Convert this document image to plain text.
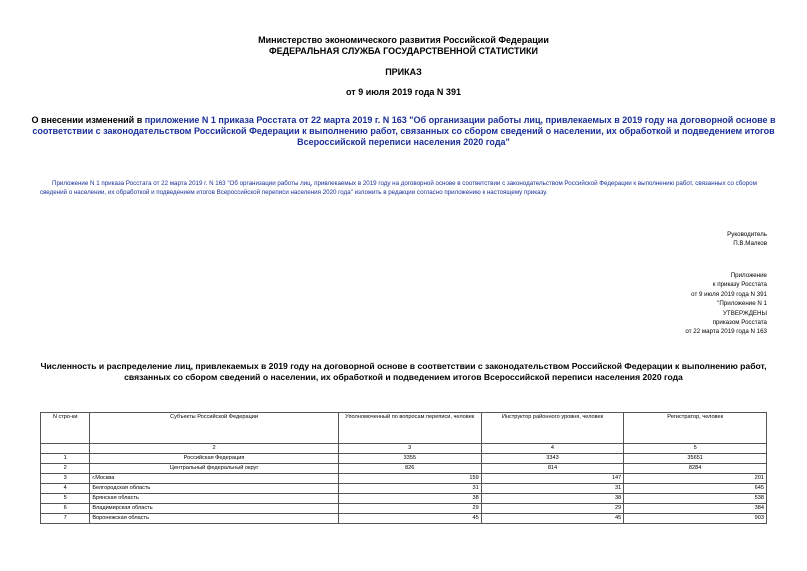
Министерство экономического развития Российской Федерации
ФЕДЕРАЛЬНАЯ СЛУЖБА ГОСУДАРСТВЕННОЙ СТАТИСТИКИ
ПРИКАЗ
от 9 июля 2019 года N 391
О внесении изменений в приложение N 1 приказа Росстата от 22 марта 2019 г. N 163 "Об организации работы лиц, привлекаемых в 2019 году на договорной основе в соответствии с законодательством Российской Федерации к выполнению работ, связанных со сбором сведений о населении, их обработкой и подведением итогов Всероссийской переписи населения 2020 года"
Приложение N 1 приказа Росстата от 22 марта 2019 г. N 163 "Об организации работы лиц, привлекаемых в 2019 году на договорной основе в соответствии с законодательством Российской Федерации к выполнению работ, связанных со сбором сведений о населении, их обработкой и подведением итогов Всероссийской переписи населения 2020 года" изложить в редакции согласно приложению к настоящему приказу.
Руководитель
П.В.Малков
Приложение
к приказу Росстата
от 9 июля 2019 года N 391
"Приложение N 1
УТВЕРЖДЕНЫ
приказом Росстата
от 22 марта 2019 года N 163
Численность и распределение лиц, привлекаемых в 2019 году на договорной основе в соответствии с законодательством Российской Федерации к выполнению работ, связанных со сбором сведений о населении, их обработкой и подведением итогов Всероссийской переписи населения 2020 года
N стро-ки	Субъекты Российской Федерации	Уполномоченный по вопросам переписи, человек	Инструктор районного уровня, человек	Регистратор, человек
	2	3	4	5
1	Российская Федерация	3355	3343	35651
2	Центральный федеральный округ	826	814	8284
3	г.Москва	159	147	201
4	Белгородская область	31	31	645
5	Брянская область	38	38	538
6	Владимирская область	29	29	384
7	Воронежская область	45	45	903
